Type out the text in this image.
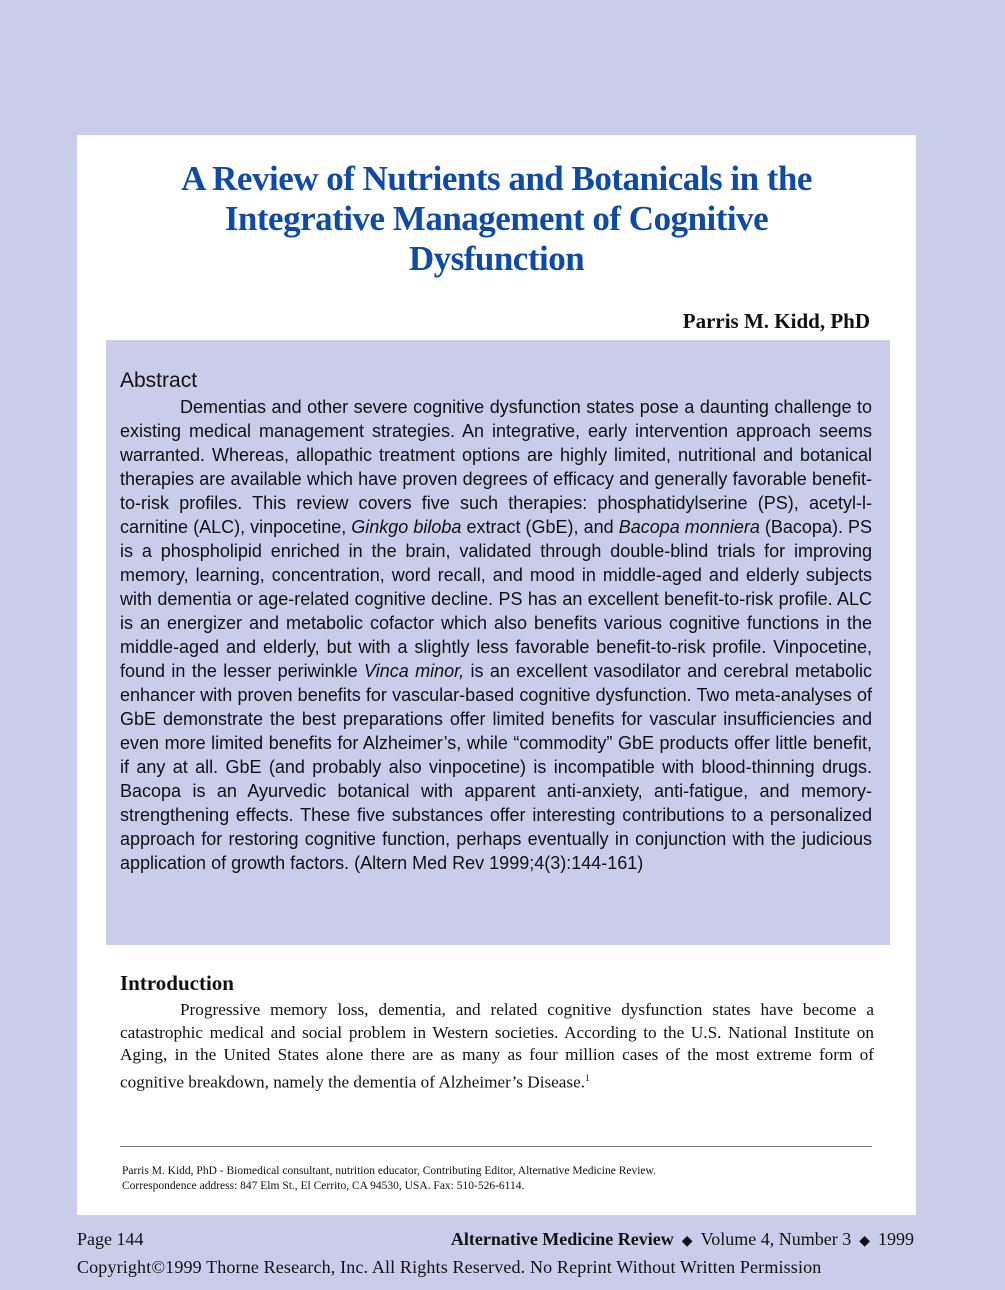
A Review of Nutrients and Botanicals in the
Integrative Management of Cognitive
Dysfunction

Parris M. Kidd, PhD

Abstract

Dementias and other severe cognitive dysfunction states pose a daunting challenge to existing medical management strategies. An integrative, early intervention approach seems warranted. Whereas, allopathic treatment options are highly limited, nutritional and botanical therapies are available which have proven degrees of efficacy and generally favorable benefit-to-risk profiles. This review covers five such therapies: phosphatidylserine (PS), acetyl-l-carnitine (ALC), vinpocetine, Ginkgo biloba extract (GbE), and Bacopa monniera (Bacopa). PS is a phospholipid enriched in the brain, validated through double-blind trials for improving memory, learning, concentration, word recall, and mood in middle-aged and elderly subjects with dementia or age-related cognitive decline. PS has an excellent benefit-to-risk profile. ALC is an energizer and metabolic cofactor which also benefits various cognitive functions in the middle-aged and elderly, but with a slightly less favorable benefit-to-risk profile. Vinpocetine, found in the lesser periwinkle Vinca minor, is an excellent vasodilator and cerebral metabolic enhancer with proven benefits for vascular-based cognitive dysfunction. Two meta-analyses of GbE demonstrate the best preparations offer limited benefits for vascular insufficiencies and even more limited benefits for Alzheimer’s, while “commodity” GbE products offer little benefit, if any at all. GbE (and probably also vinpocetine) is incompatible with blood-thinning drugs. Bacopa is an Ayurvedic botanical with apparent anti-anxiety, anti-fatigue, and memory-strengthening effects. These five substances offer interesting contributions to a personalized approach for restoring cognitive function, perhaps eventually in conjunction with the judicious application of growth factors. (Altern Med Rev 1999;4(3):144-161)

Introduction

Progressive memory loss, dementia, and related cognitive dysfunction states have become a catastrophic medical and social problem in Western societies. According to the U.S. National Institute on Aging, in the United States alone there are as many as four million cases of the most extreme form of cognitive breakdown, namely the dementia of Alzheimer’s Disease.$^1$

Parris M. Kidd, PhD - Biomedical consultant, nutrition educator, Contributing Editor, Alternative Medicine Review.
Correspondence address: 847 Elm St., El Cerrito, CA 94530, USA. Fax: 510-526-6114.

Page 144	Alternative Medicine Review ◆ Volume 4, Number 3 ◆ 1999

Copyright©1999 Thorne Research, Inc. All Rights Reserved. No Reprint Without Written Permission
